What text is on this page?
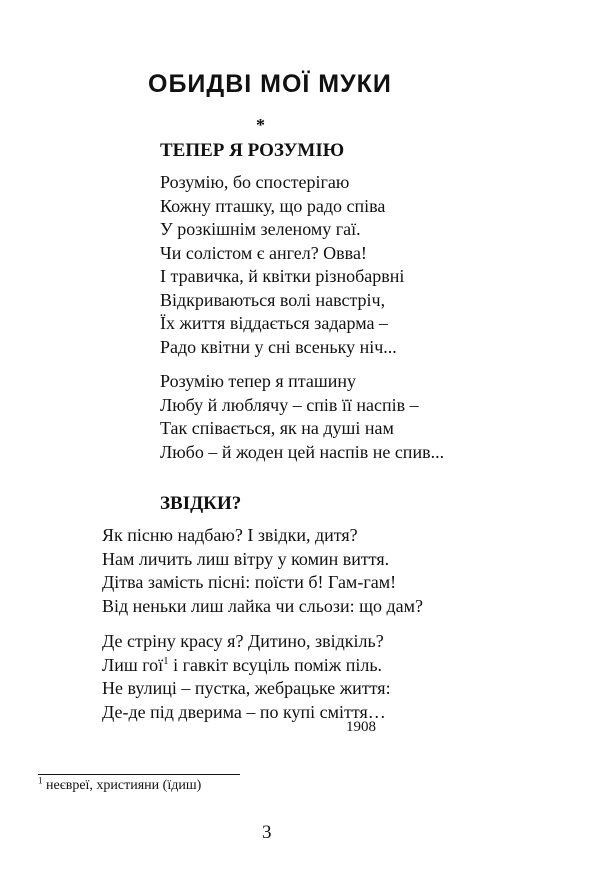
ОБИДВІ МОЇ МУКИ
*
ТЕПЕР Я РОЗУМІЮ
Розумію, бо спостерігаю
Кожну пташку, що радо співа
У розкішнім зеленому гаї.
Чи солістом є ангел? Овва!
І травичка, й квітки різнобарвні
Відкриваються волі навстріч,
Їх життя віддається задарма –
Радо квітни у сні всеньку ніч...
Розумію тепер я пташину
Любу й люблячу – спів її наспів –
Так співається, як на душі нам
Любо – й жоден цей наспів не спив...
ЗВІДКИ?
Як пісню надбаю? І звідки, дитя?
Нам личить лиш вітру у комин виття.
Дітва замість пісні: поїсти б! Гам-гам!
Від неньки лиш лайка чи сльози: що дам?
Де стріну красу я? Дитино, звідкіль?
Лиш гої$^1$ і гавкіт всуціль поміж піль.
Не вулиці – пустка, жебрацьке життя:
Де-де під дверима – по купі сміття…
1908
$^1$ неєвреї, християни (їдиш)
3
